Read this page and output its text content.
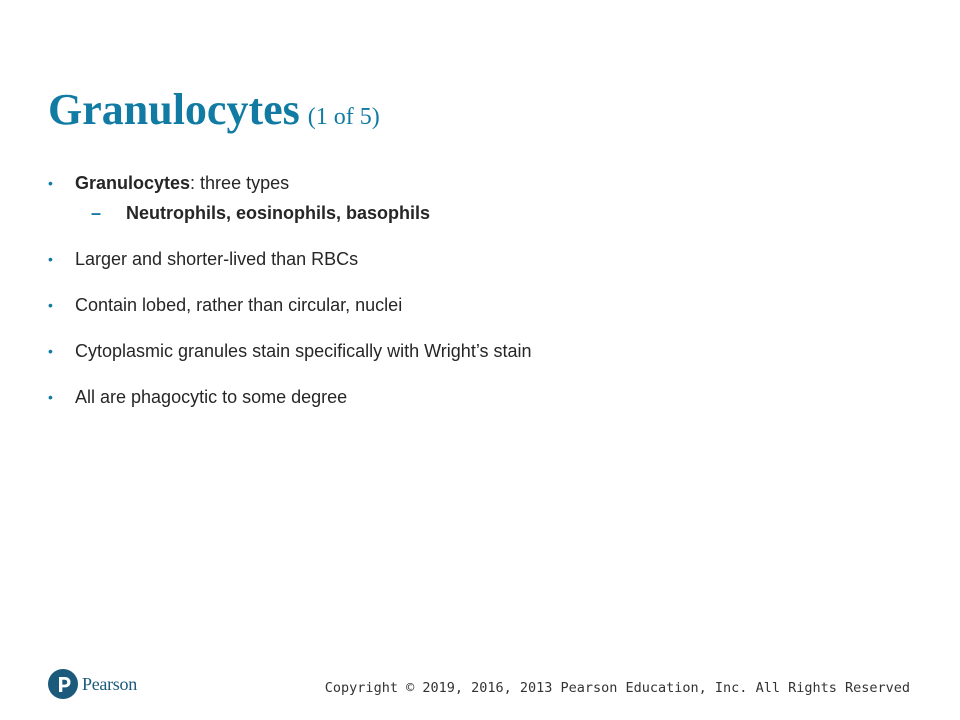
Granulocytes (1 of 5)
• Granulocytes: three types
– Neutrophils, eosinophils, basophils
• Larger and shorter-lived than RBCs
• Contain lobed, rather than circular, nuclei
• Cytoplasmic granules stain specifically with Wright’s stain
• All are phagocytic to some degree
Pearson	Copyright © 2019, 2016, 2013 Pearson Education, Inc. All Rights Reserved
